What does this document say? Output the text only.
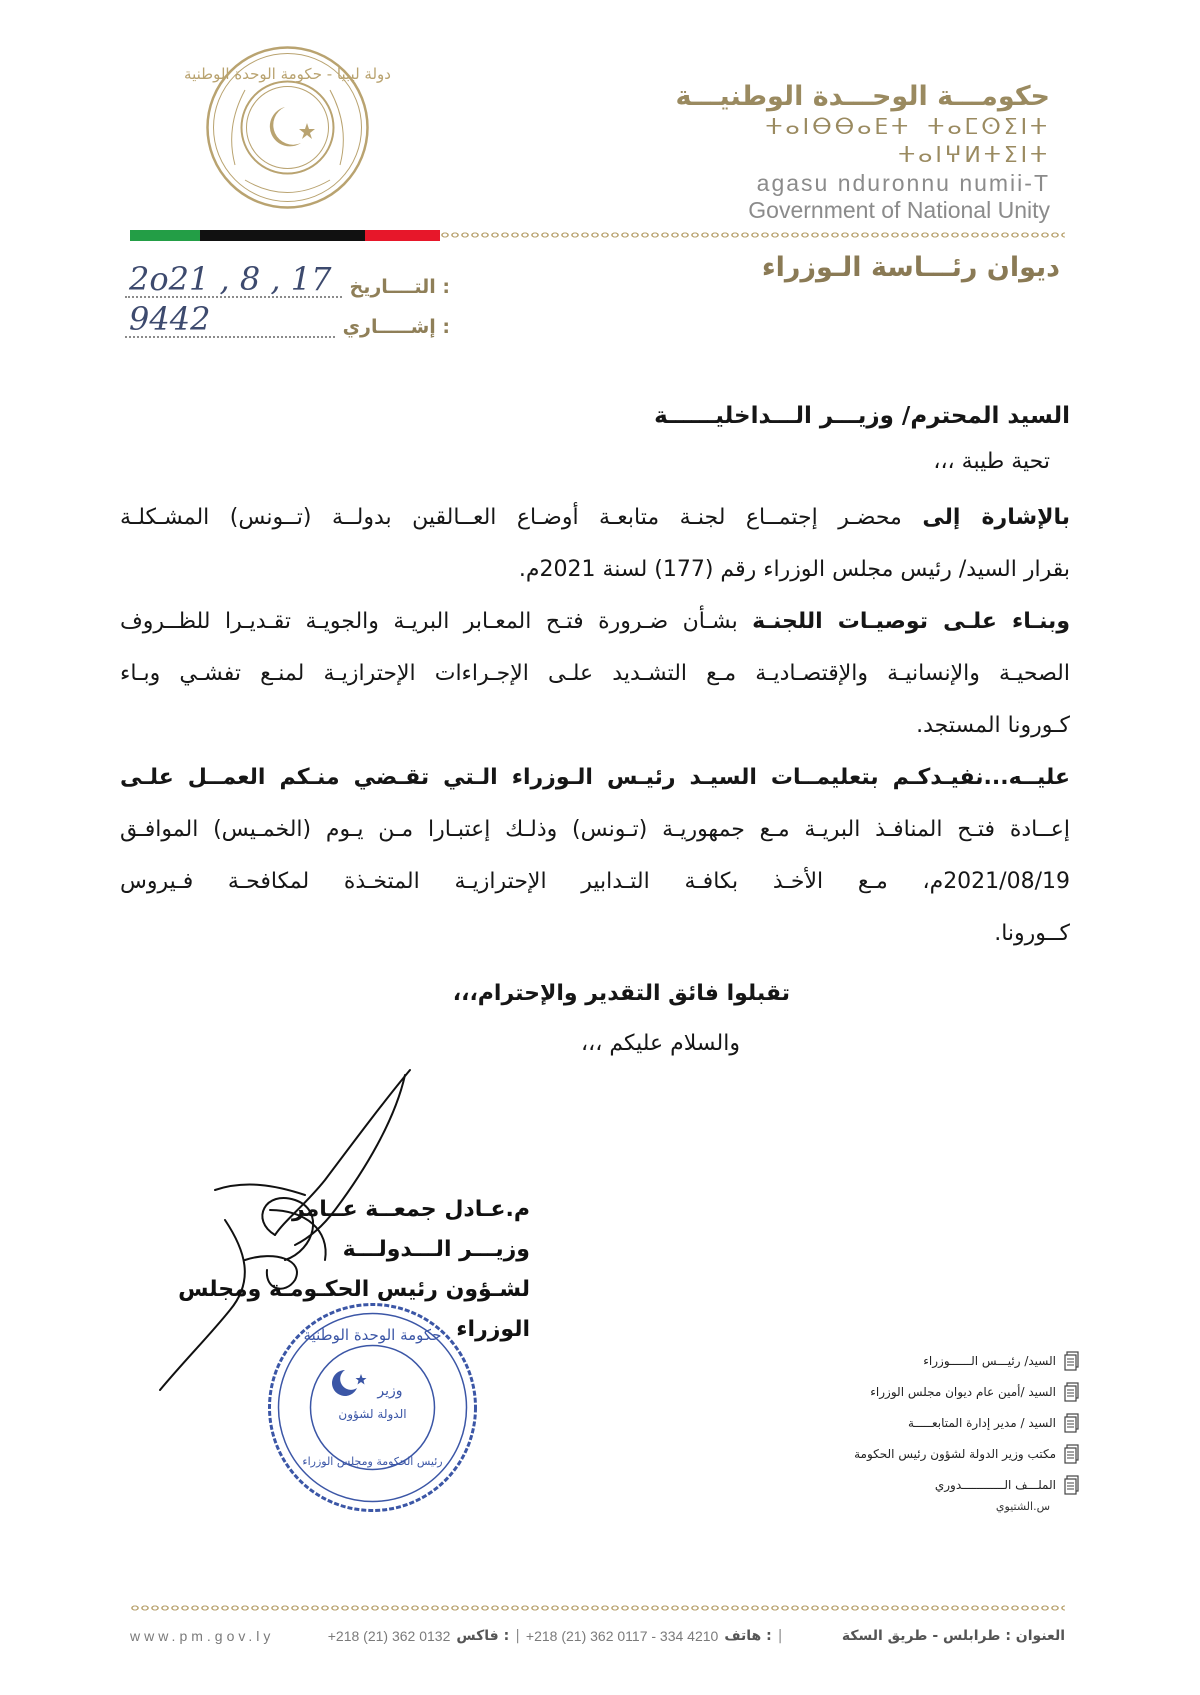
دولة ليبيا - حكومة الوحدة الوطنية
حكومـــة الوحـــدة الوطنيـــة
ⵜⴰⵏⴱⴱⴰⴹⵜ ⵜⴰⵎⵙⵉⵏⵜ ⵜⴰⵏⵖⵍⵜⵉⵏⵜ
agasu nduronnu numii-T
Government of National Unity
ديوان رئـــاسة الـوزراء
التــــاريخ :
2o21 , 8 , 17
إشـــــاري :
9442
السيد المحترم/ وزيـــر الـــداخليــــــة
تحية طيبة ،،،
بالإشارة إلى محضـر إجتمــاع لجنـة متابعـة أوضـاع العــالقين بدولــة (تــونس) المشـكلـة
بقرار السيد/ رئيس مجلس الوزراء رقم (177) لسنة 2021م.
وبنـاء علـى توصيـات اللجنـة بشـأن ضـرورة فتـح المعـابر البريـة والجويـة تقـديـرا للظــروف
الصحيـة والإنسانيـة والإقتصـاديـة مـع التشـديد علـى الإجـراءات الإحترازيـة لمنـع تفشـي وبـاء
كـورونا المستجد.
عليــه...نفيـدكـم بتعليمــات السيـد رئيـس الـوزراء الـتي تقـضي منـكم العمــل علـى
إعــادة فتـح المنافـذ البريـة مـع جمهوريـة (تـونس) وذلـك إعتبـارا مـن يـوم (الخمـيس) الموافـق
2021/08/19م، مـع الأخـذ بكافـة التـدابير الإحترازيـة المتخـذة لمكافحـة فـيروس
كــورونا.
تقبلوا فائق التقدير والإحترام،،،
والسلام عليكم ،،،
م.عـادل جمعــة عــامر
وزيـــر الـــدولـــة
لشـؤون رئيس الحكـومـة ومجلس الوزراء
حكومة الوحدة الوطنية
وزير
الدولة لشؤون
رئيس الحكومة ومجلس الوزراء
السيد/ رئيـــس الــــــوزراء
السيد /أمين عام ديوان مجلس الوزراء
السيد / مدير إدارة المتابعـــــة
مكتب وزير الدولة لشؤون رئيس الحكومة
الملـــف الــــــــــــدوري
س.الشتيوي
العنوان : طرابلس - طريق السكة
|
هاتف :
+218 (21) 362 0117 - 334 4210
|
فاكس :
+218 (21) 362 0132
www.pm.gov.ly
